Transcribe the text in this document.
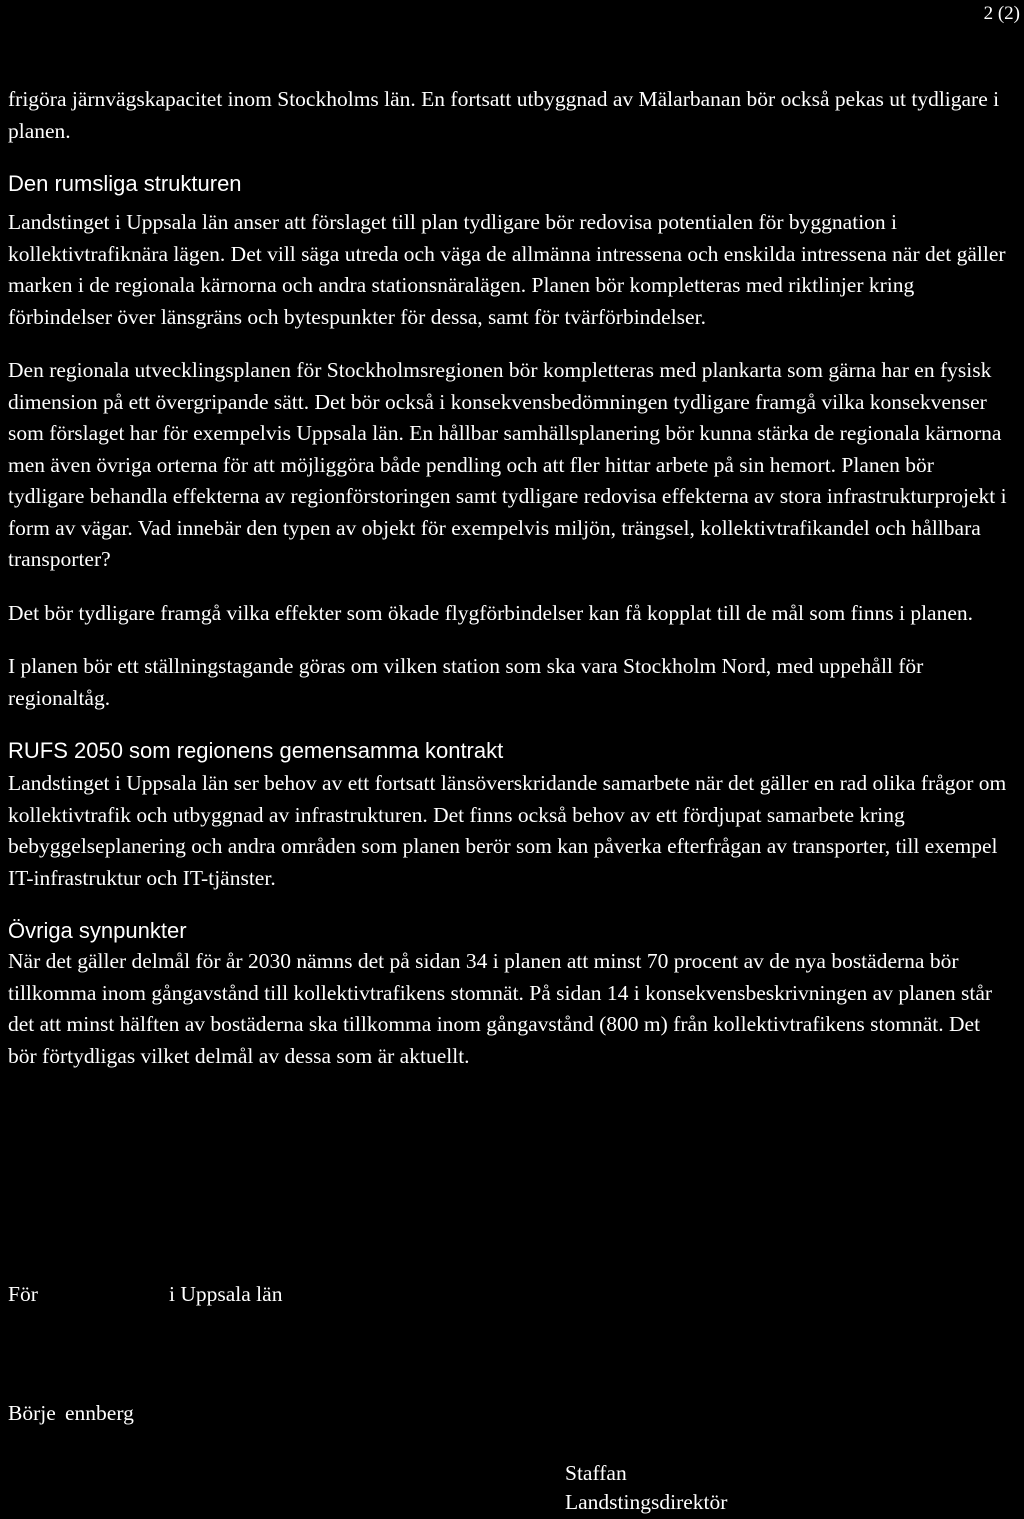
2 (2)

frigöra järnvägskapacitet inom Stockholms län. En fortsatt utbyggnad av Mälarbanan bör också pekas ut tydligare i planen.

Den rumsliga strukturen

Landstinget i Uppsala län anser att förslaget till plan tydligare bör redovisa potentialen för byggnation i kollektivtrafiknära lägen. Det vill säga utreda och väga de allmänna intressena och enskilda intressena när det gäller marken i de regionala kärnorna och andra stationsnäralägen. Planen bör kompletteras med riktlinjer kring förbindelser över länsgräns och bytespunkter för dessa, samt för tvärförbindelser.

Den regionala utvecklingsplanen för Stockholmsregionen bör kompletteras med plankarta som gärna har en fysisk dimension på ett övergripande sätt. Det bör också i konsekvensbedömningen tydligare framgå vilka konsekvenser som förslaget har för exempelvis Uppsala län. En hållbar samhällsplanering bör kunna stärka de regionala kärnorna men även övriga orterna för att möjliggöra både pendling och att fler hittar arbete på sin hemort. Planen bör tydligare behandla effekterna av regionförstoringen samt tydligare redovisa effekterna av stora infrastrukturprojekt i form av vägar. Vad innebär den typen av objekt för exempelvis miljön, trängsel, kollektivtrafikandel och hållbara transporter?

Det bör tydligare framgå vilka effekter som ökade flygförbindelser kan få kopplat till de mål som finns i planen.

I planen bör ett ställningstagande göras om vilken station som ska vara Stockholm Nord, med uppehåll för regionaltåg.

RUFS 2050 som regionens gemensamma kontrakt

Landstinget i Uppsala län ser behov av ett fortsatt länsöverskridande samarbete när det gäller en rad olika frågor om kollektivtrafik och utbyggnad av infrastrukturen. Det finns också behov av ett fördjupat samarbete kring bebyggelseplanering och andra områden som planen berör som kan påverka efterfrågan av transporter, till exempel IT-infrastruktur och IT-tjänster.

Övriga synpunkter

När det gäller delmål för år 2030 nämns det på sidan 34 i planen att minst 70 procent av de nya bostäderna bör tillkomma inom gångavstånd till kollektivtrafikens stomnät. På sidan 14 i konsekvensbeskrivningen av planen står det att minst hälften av bostäderna ska tillkomma inom gångavstånd (800 m) från kollektivtrafikens stomnät. Det bör förtydligas vilket delmål av dessa som är aktuellt.

För	i Uppsala län
Börje ennberg
Staffan
Landstingsdirektör
